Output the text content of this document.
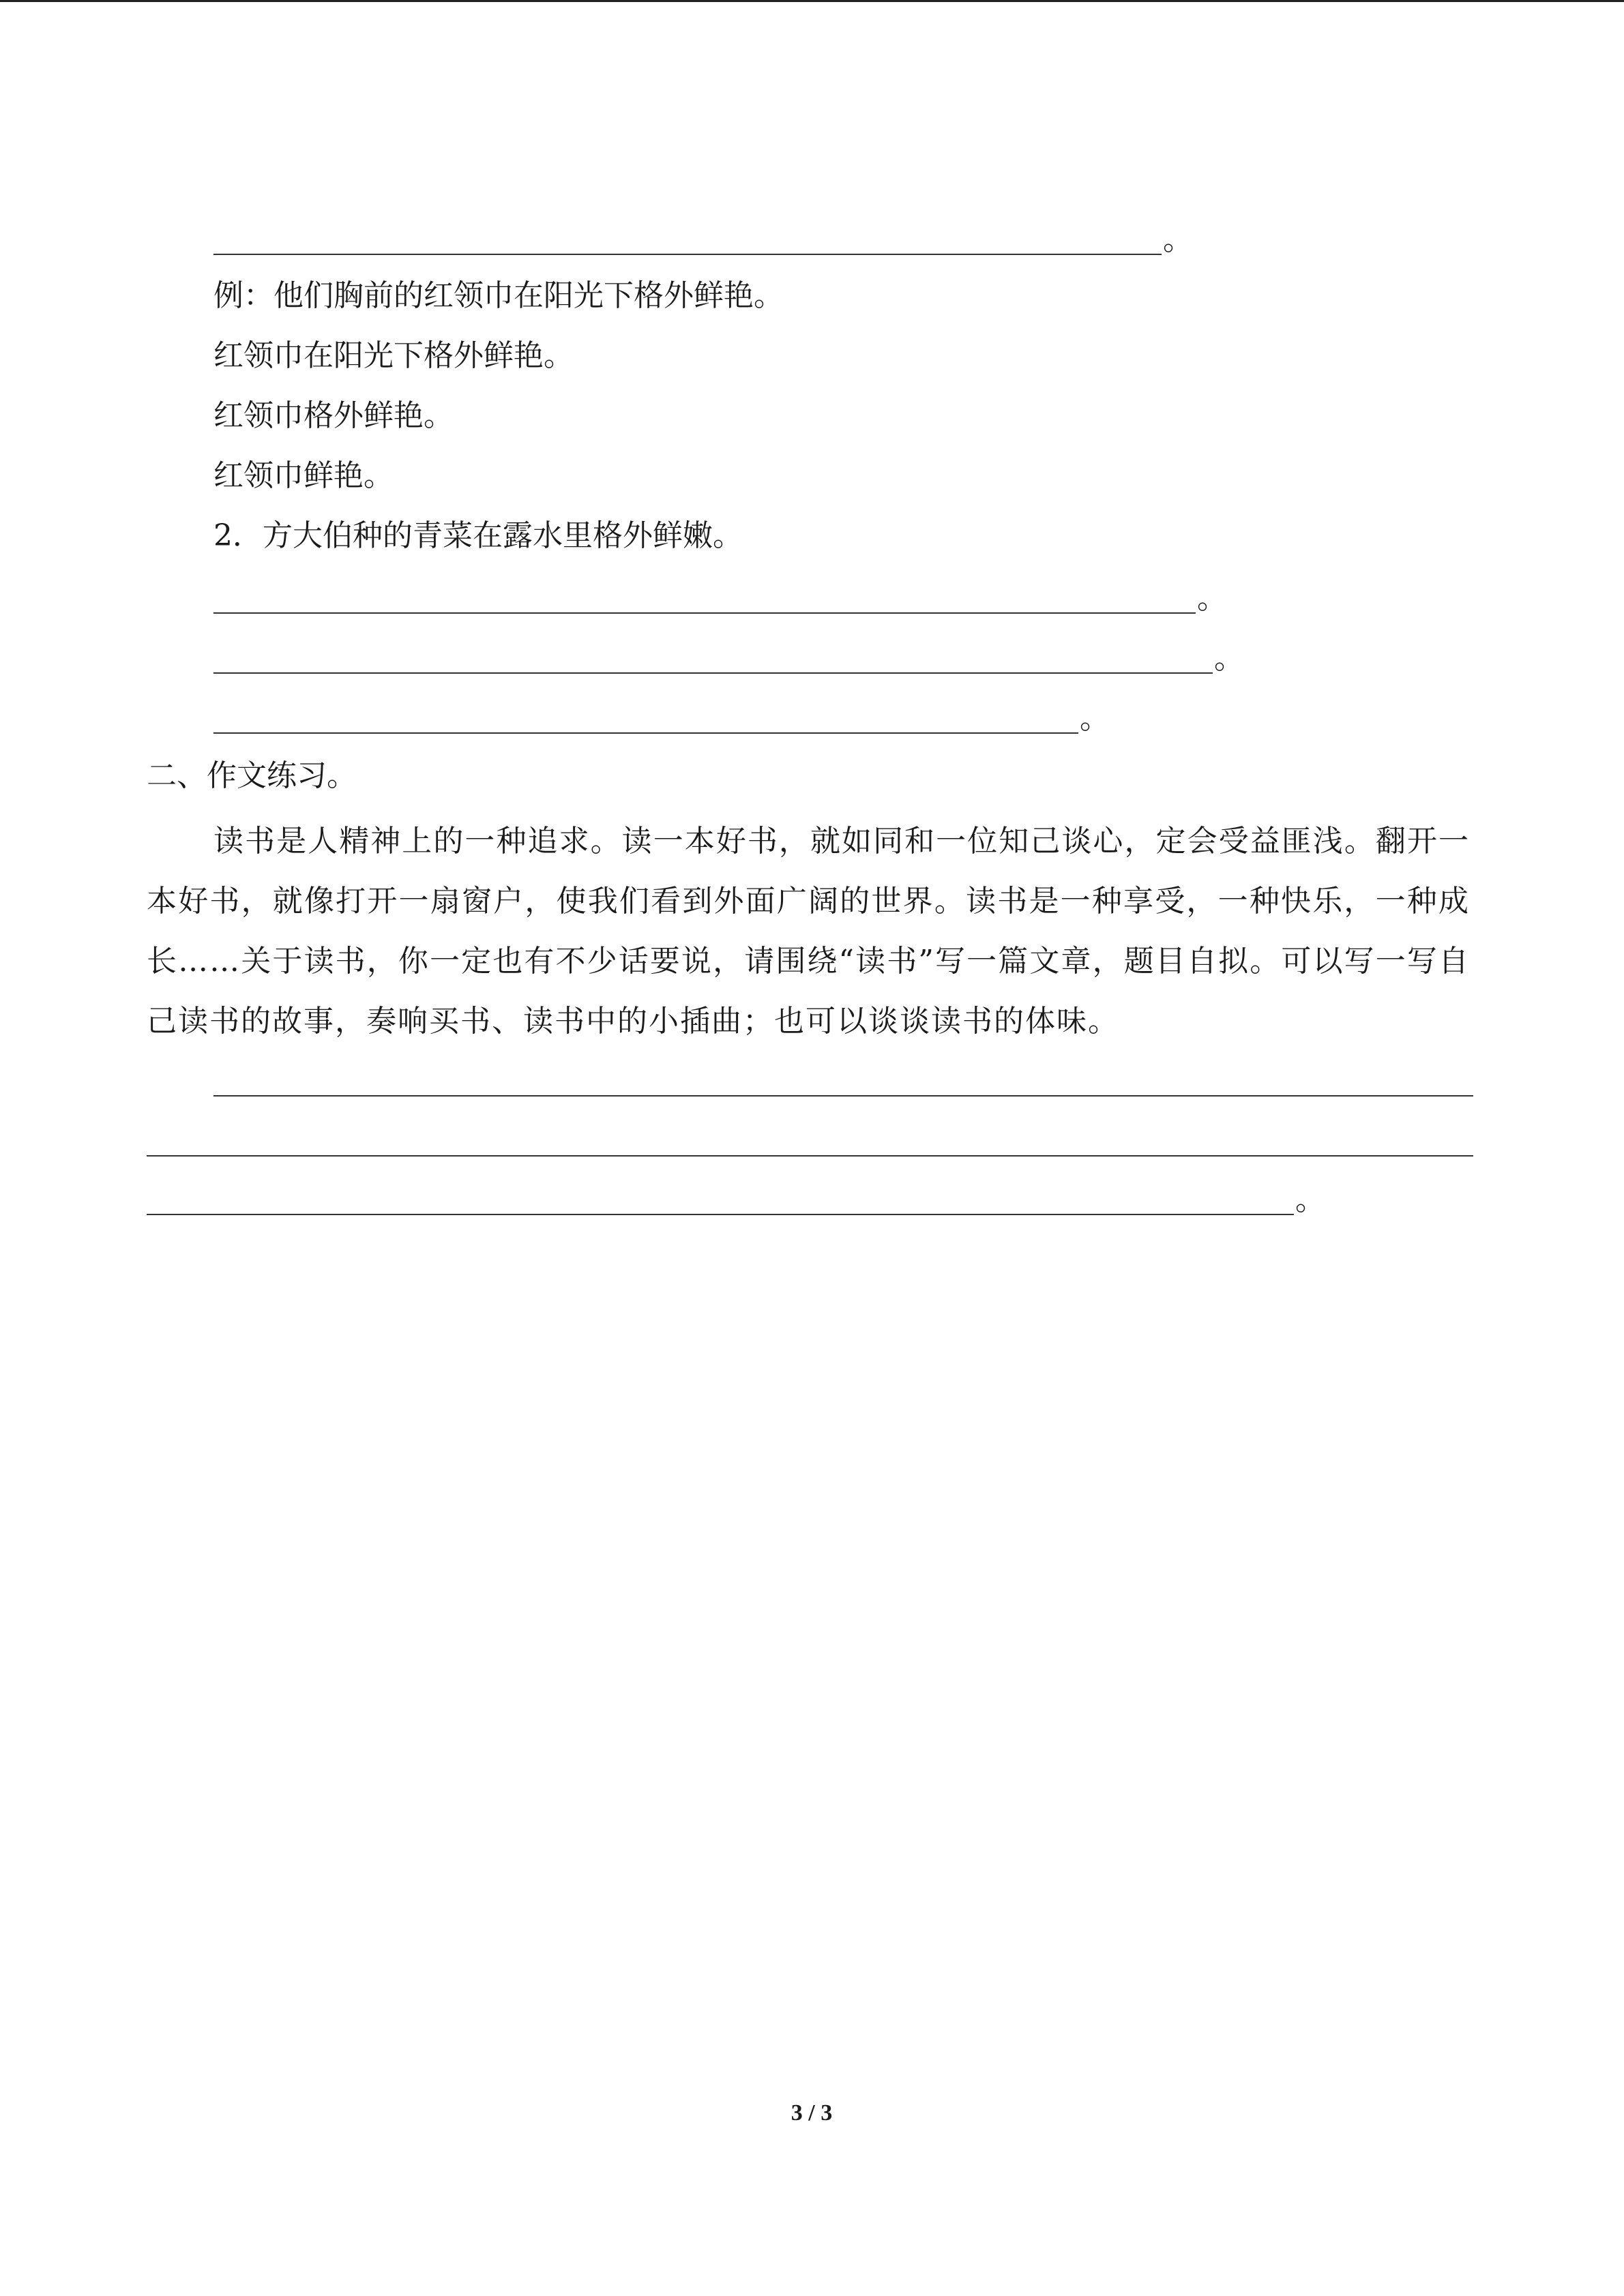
。
例：他们胸前的红领巾在阳光下格外鲜艳。
红领巾在阳光下格外鲜艳。
红领巾格外鲜艳。
红领巾鲜艳。
2．方大伯种的青菜在露水里格外鲜嫩。
。
。
。
二、作文练习。
读书是人精神上的一种追求。读一本好书，就如同和一位知己谈心，定会受益匪浅。翻开一本好书，就像打开一扇窗户，使我们看到外面广阔的世界。读书是一种享受，一种快乐，一种成长……关于读书，你一定也有不少话要说，请围绕“读书”写一篇文章，题目自拟。可以写一写自己读书的故事，奏响买书、读书中的小插曲；也可以谈谈读书的体味。
。
3 / 3
